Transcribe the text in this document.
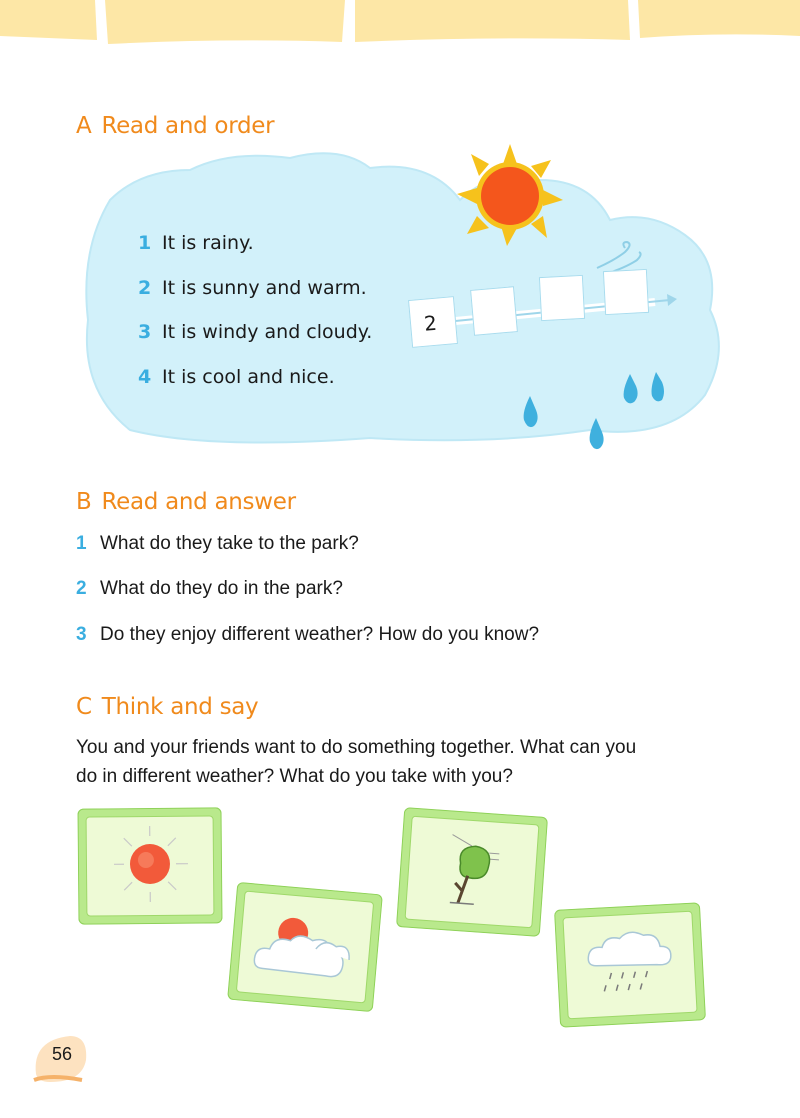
A Read and order
2
1 It is rainy.
2 It is sunny and warm.
3 It is windy and cloudy.
4 It is cool and nice.
B Read and answer
1 What do they take to the park?
2 What do they do in the park?
3 Do they enjoy different weather? How do you know?
C Think and say
You and your friends want to do something together. What can you
do in different weather? What do you take with you?
56
